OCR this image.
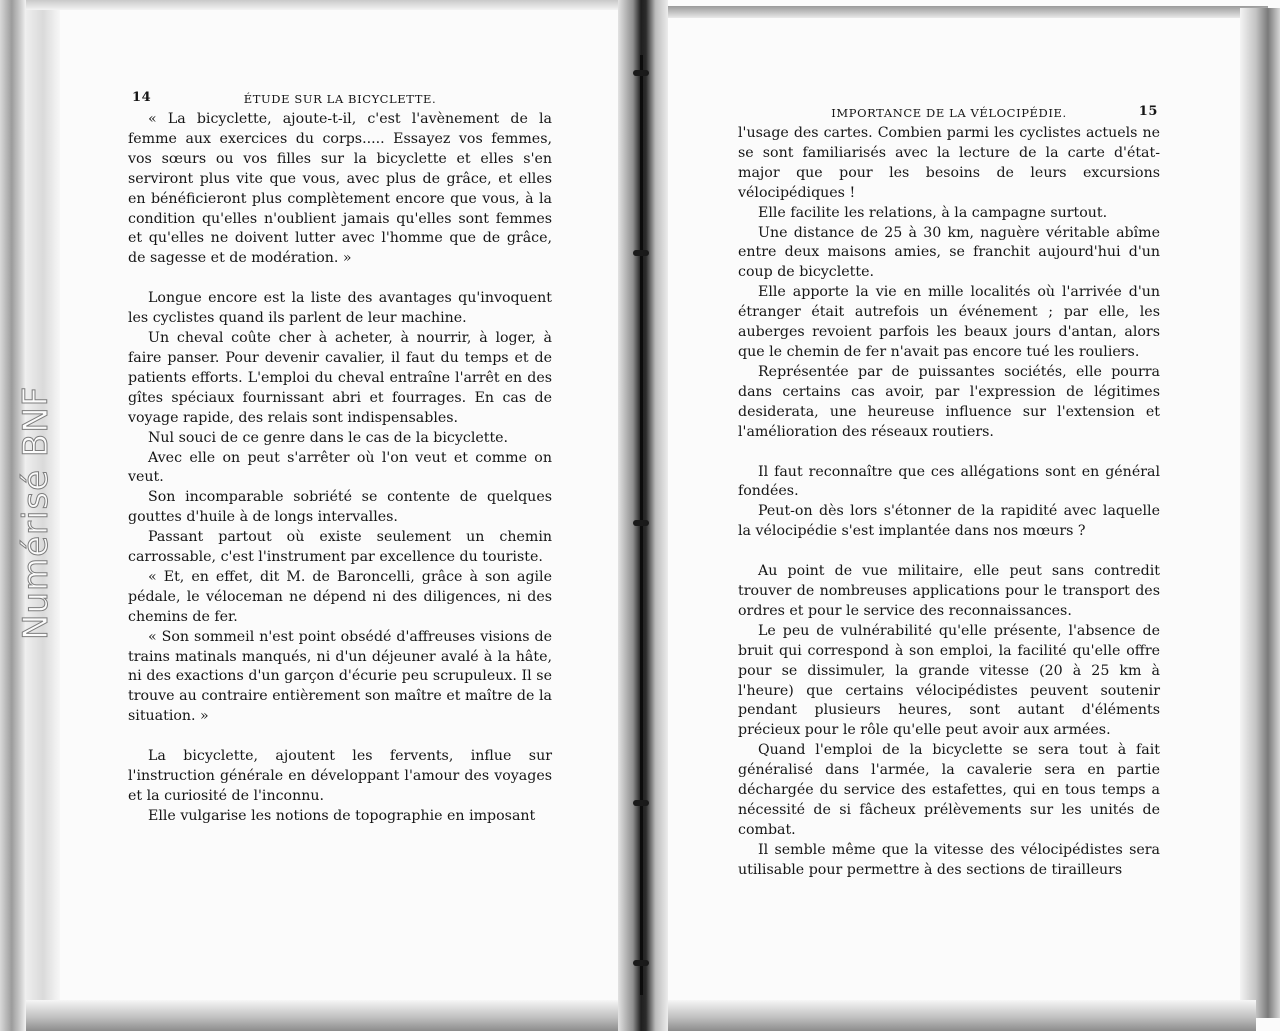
Numérisé BNF
14	ÉTUDE SUR LA BICYCLETTE.

« La bicyclette, ajoute-t-il, c'est l'avènement de la femme aux exercices du corps..... Essayez vos femmes, vos sœurs ou vos filles sur la bicyclette et elles s'en serviront plus vite que vous, avec plus de grâce, et elles en bénéficieront plus complètement encore que vous, à la condition qu'elles n'oublient jamais qu'elles sont femmes et qu'elles ne doivent lutter avec l'homme que de grâce, de sagesse et de modération. »

Longue encore est la liste des avantages qu'invoquent les cyclistes quand ils parlent de leur machine.

Un cheval coûte cher à acheter, à nourrir, à loger, à faire panser. Pour devenir cavalier, il faut du temps et de patients efforts. L'emploi du cheval entraîne l'arrêt en des gîtes spéciaux fournissant abri et fourrages. En cas de voyage rapide, des relais sont indispensables.

Nul souci de ce genre dans le cas de la bicyclette.

Avec elle on peut s'arrêter où l'on veut et comme on veut.

Son incomparable sobriété se contente de quelques gouttes d'huile à de longs intervalles.

Passant partout où existe seulement un chemin carrossable, c'est l'instrument par excellence du touriste.

« Et, en effet, dit M. de Baroncelli, grâce à son agile pédale, le véloceman ne dépend ni des diligences, ni des chemins de fer.

« Son sommeil n'est point obsédé d'affreuses visions de trains matinals manqués, ni d'un déjeuner avalé à la hâte, ni des exactions d'un garçon d'écurie peu scrupuleux. Il se trouve au contraire entièrement son maître et maître de la situation. »

La bicyclette, ajoutent les fervents, influe sur l'instruction générale en développant l'amour des voyages et la curiosité de l'inconnu.

Elle vulgarise les notions de topographie en imposant

IMPORTANCE DE LA VÉLOCIPÉDIE.	15

l'usage des cartes. Combien parmi les cyclistes actuels ne se sont familiarisés avec la lecture de la carte d'état-major que pour les besoins de leurs excursions vélocipédiques !

Elle facilite les relations, à la campagne surtout.

Une distance de 25 à 30 km, naguère véritable abîme entre deux maisons amies, se franchit aujourd'hui d'un coup de bicyclette.

Elle apporte la vie en mille localités où l'arrivée d'un étranger était autrefois un événement ; par elle, les auberges revoient parfois les beaux jours d'antan, alors que le chemin de fer n'avait pas encore tué les rouliers.

Représentée par de puissantes sociétés, elle pourra dans certains cas avoir, par l'expression de légitimes desiderata, une heureuse influence sur l'extension et l'amélioration des réseaux routiers.

Il faut reconnaître que ces allégations sont en général fondées.

Peut-on dès lors s'étonner de la rapidité avec laquelle la vélocipédie s'est implantée dans nos mœurs ?

Au point de vue militaire, elle peut sans contredit trouver de nombreuses applications pour le transport des ordres et pour le service des reconnaissances.

Le peu de vulnérabilité qu'elle présente, l'absence de bruit qui correspond à son emploi, la facilité qu'elle offre pour se dissimuler, la grande vitesse (20 à 25 km à l'heure) que certains vélocipédistes peuvent soutenir pendant plusieurs heures, sont autant d'éléments précieux pour le rôle qu'elle peut avoir aux armées.

Quand l'emploi de la bicyclette se sera tout à fait généralisé dans l'armée, la cavalerie sera en partie déchargée du service des estafettes, qui en tous temps a nécessité de si fâcheux prélèvements sur les unités de combat.

Il semble même que la vitesse des vélocipédistes sera utilisable pour permettre à des sections de tirailleurs
